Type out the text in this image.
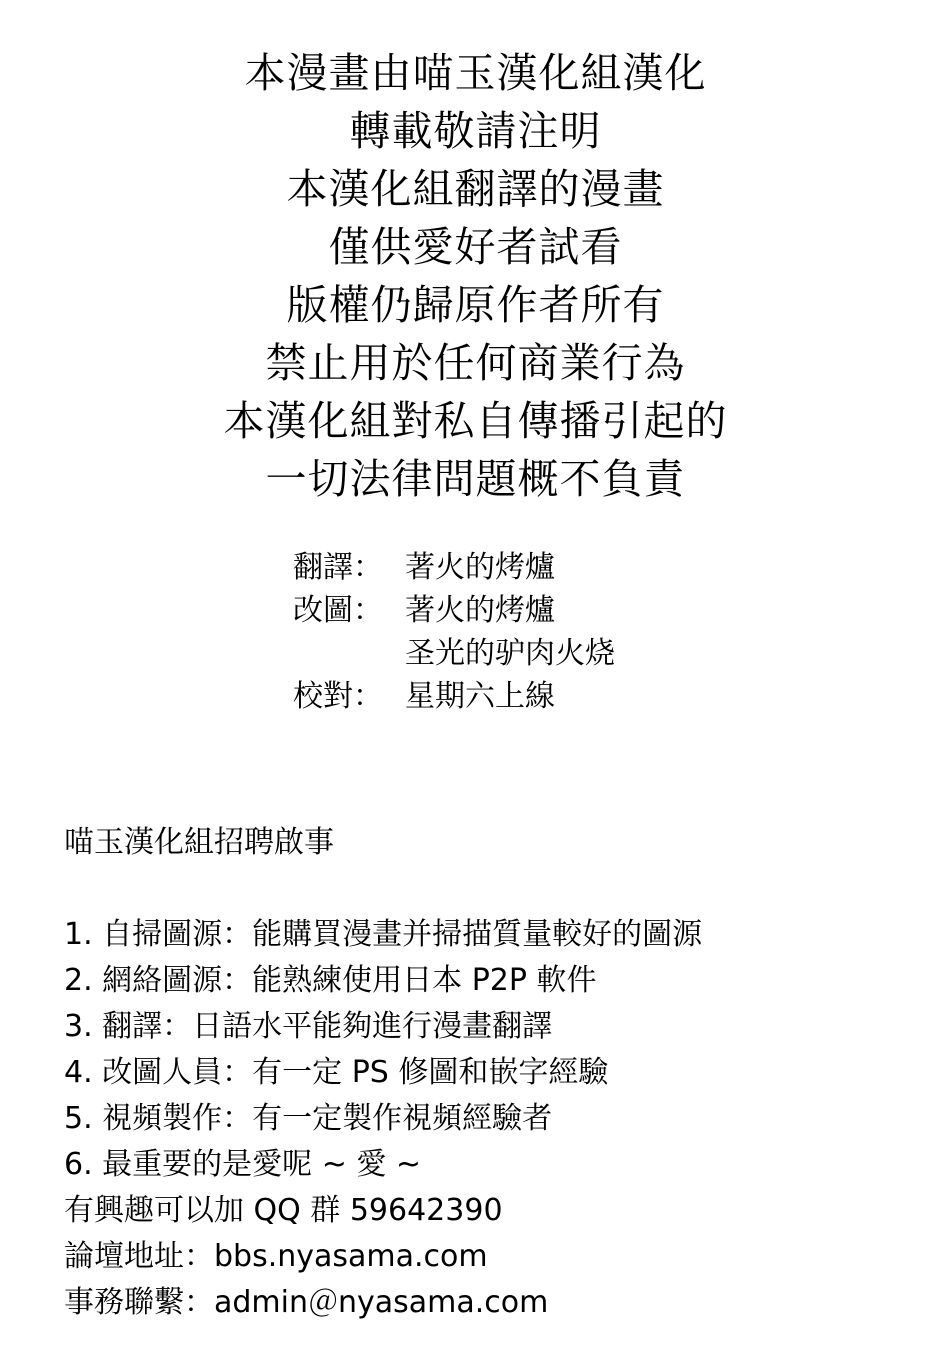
本漫畫由喵玉漢化組漢化
轉載敬請注明
本漢化組翻譯的漫畫
僅供愛好者試看
版權仍歸原作者所有
禁止用於任何商業行為
本漢化組對私自傳播引起的
一切法律問題概不負責
翻譯： 著火的烤爐
改圖： 著火的烤爐
圣光的驴肉火烧
校對： 星期六上線
喵玉漢化組招聘啟事
1. 自掃圖源：能購買漫畫并掃描質量較好的圖源
2. 網絡圖源：能熟練使用日本 P2P 軟件
3. 翻譯：日語水平能夠進行漫畫翻譯
4. 改圖人員：有一定 PS 修圖和嵌字經驗
5. 視頻製作：有一定製作視頻經驗者
6. 最重要的是愛呢 ~ 愛 ~
有興趣可以加 QQ 群 59642390
論壇地址：bbs.nyasama.com
事務聯繫：admin＠nyasama.com
